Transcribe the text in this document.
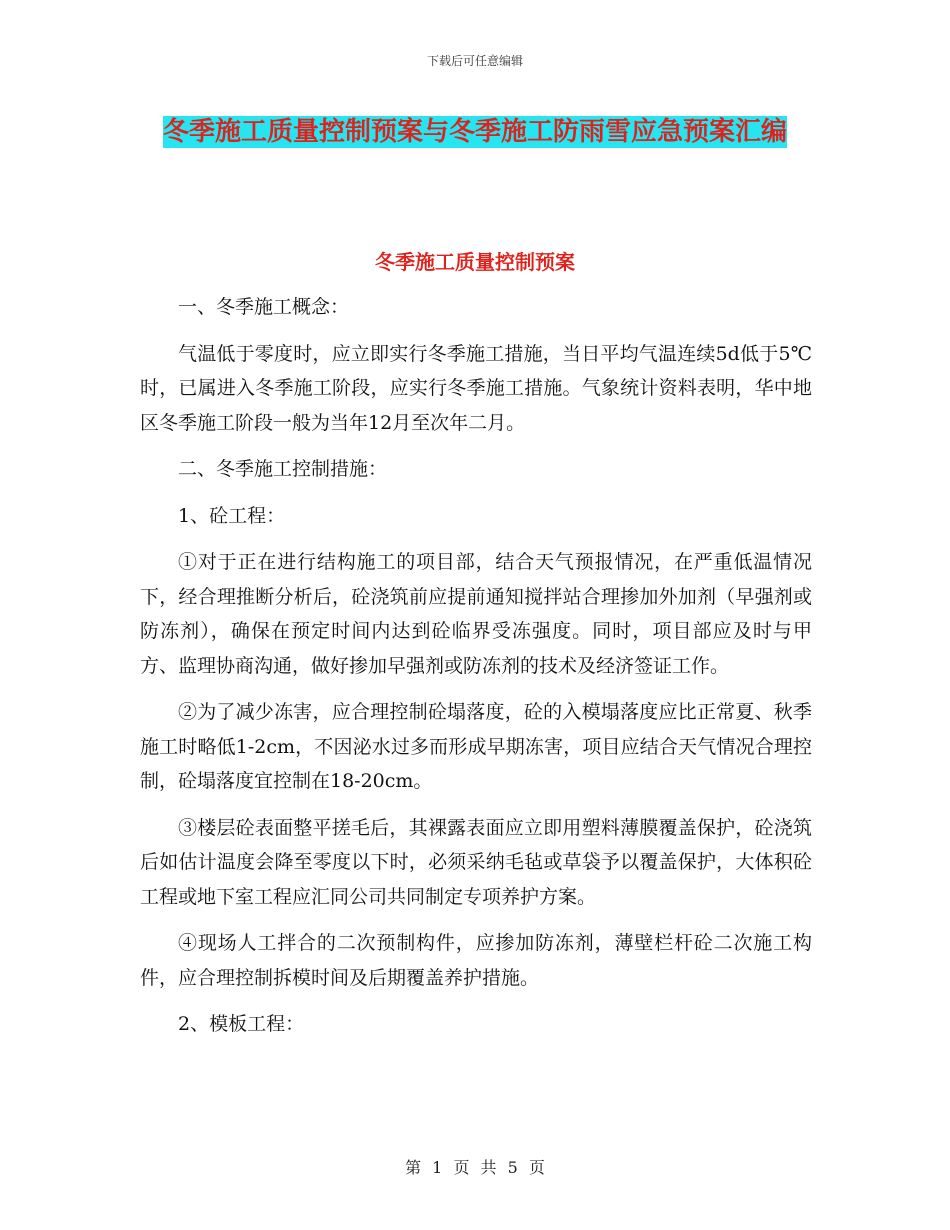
下载后可任意编辑
冬季施工质量控制预案与冬季施工防雨雪应急预案汇编
冬季施工质量控制预案

一、冬季施工概念：

气温低于零度时，应立即实行冬季施工措施，当日平均气温连续5d低于5℃时，已属进入冬季施工阶段，应实行冬季施工措施。气象统计资料表明，华中地区冬季施工阶段一般为当年12月至次年二月。

二、冬季施工控制措施：

1、砼工程：

①对于正在进行结构施工的项目部，结合天气预报情况，在严重低温情况下，经合理推断分析后，砼浇筑前应提前通知搅拌站合理掺加外加剂（早强剂或防冻剂），确保在预定时间内达到砼临界受冻强度。同时，项目部应及时与甲方、监理协商沟通，做好掺加早强剂或防冻剂的技术及经济签证工作。

②为了减少冻害，应合理控制砼塌落度，砼的入模塌落度应比正常夏、秋季施工时略低1-2cm，不因泌水过多而形成早期冻害，项目应结合天气情况合理控制，砼塌落度宜控制在18-20cm。

③楼层砼表面整平搓毛后，其裸露表面应立即用塑料薄膜覆盖保护，砼浇筑后如估计温度会降至零度以下时，必须采纳毛毡或草袋予以覆盖保护，大体积砼工程或地下室工程应汇同公司共同制定专项养护方案。

④现场人工拌合的二次预制构件，应掺加防冻剂，薄壁栏杆砼二次施工构件，应合理控制拆模时间及后期覆盖养护措施。

2、模板工程：

第 1 页 共 5 页
